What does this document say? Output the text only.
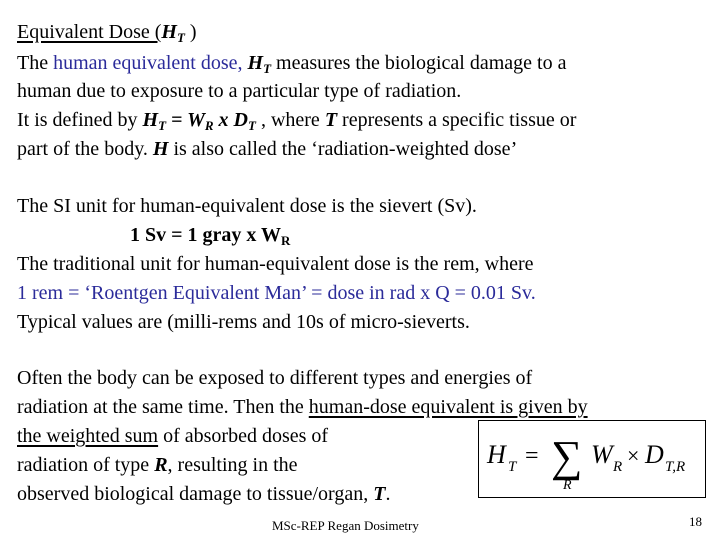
Equivalent Dose ($H_T$ )
The human equivalent dose, $H_T$ measures the biological damage to a
human due to exposure to a particular type of radiation.
It is defined by $H_T = W_R$ x $D_T$ , where T represents a specific tissue or
part of the body. H is also called the ‘radiation-weighted dose’
The SI unit for human-equivalent dose is the sievert (Sv).
1 Sv = 1 gray x $W_R$
The traditional unit for human-equivalent dose is the rem, where
1 rem = ‘Roentgen Equivalent Man’ = dose in rad x Q = 0.01 Sv.
Typical values are (milli-rems and 10s of micro-sieverts.
Often the body can be exposed to different types and energies of
radiation at the same time. Then the human-dose equivalent is given by
the weighted sum of absorbed doses of
radiation of type R, resulting in the
observed biological damage to tissue/organ, T.
H T = ∑
R
W R × D T,R
MSc-REP Regan Dosimetry	18
